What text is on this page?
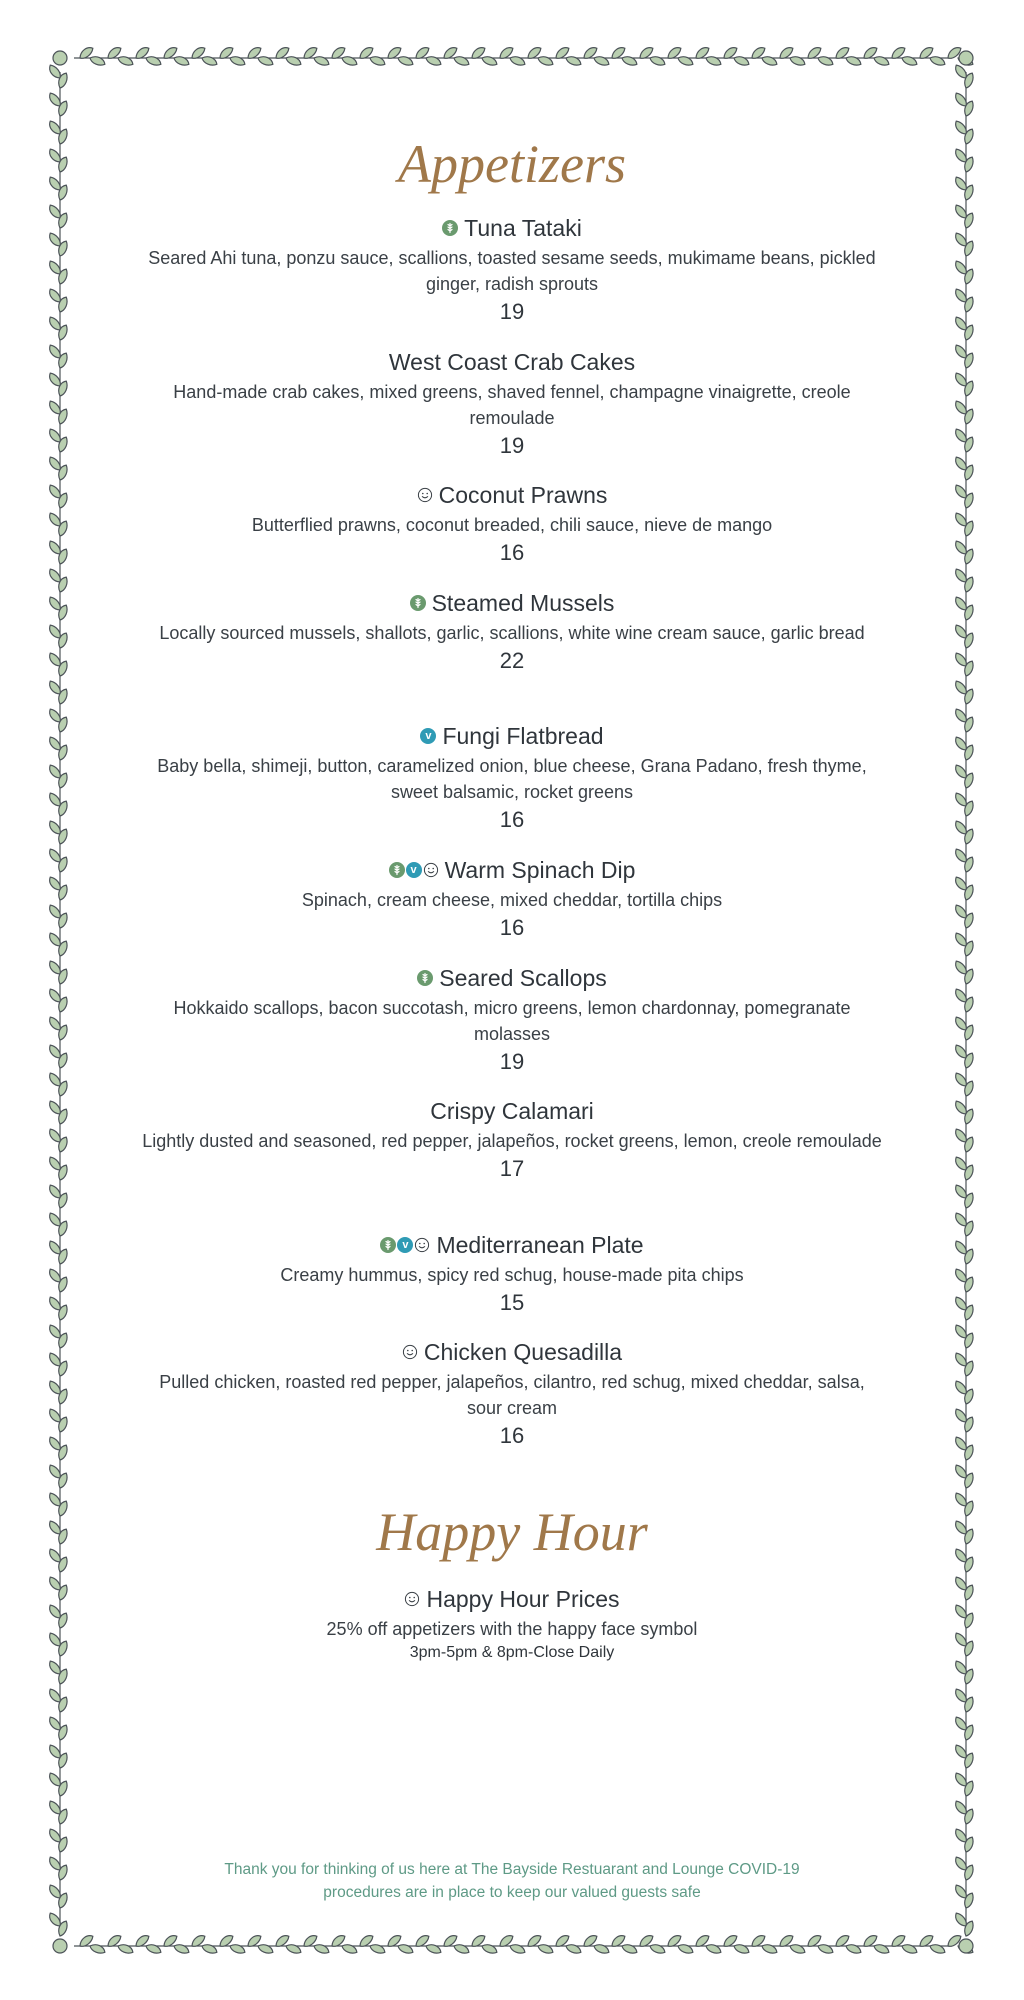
Appetizers
Tuna Tataki
Seared Ahi tuna, ponzu sauce, scallions, toasted sesame seeds, mukimame beans, pickled ginger, radish sprouts
19
West Coast Crab Cakes
Hand-made crab cakes, mixed greens, shaved fennel, champagne vinaigrette, creole remoulade
19
Coconut Prawns
Butterflied prawns, coconut breaded, chili sauce, nieve de mango
16
Steamed Mussels
Locally sourced mussels, shallots, garlic, scallions, white wine cream sauce, garlic bread
22
v Fungi Flatbread
Baby bella, shimeji, button, caramelized onion, blue cheese, Grana Padano, fresh thyme, sweet balsamic, rocket greens
16
v Warm Spinach Dip
Spinach, cream cheese, mixed cheddar, tortilla chips
16
Seared Scallops
Hokkaido scallops, bacon succotash, micro greens, lemon chardonnay, pomegranate molasses
19
Crispy Calamari
Lightly dusted and seasoned, red pepper, jalapeños, rocket greens, lemon, creole remoulade
17
v Mediterranean Plate
Creamy hummus, spicy red schug, house-made pita chips
15
Chicken Quesadilla
Pulled chicken, roasted red pepper, jalapeños, cilantro, red schug, mixed cheddar, salsa, sour cream
16
Happy Hour
Happy Hour Prices
25% off appetizers with the happy face symbol
3pm-5pm & 8pm-Close Daily
Thank you for thinking of us here at The Bayside Restuarant and Lounge COVID-19
procedures are in place to keep our valued guests safe
